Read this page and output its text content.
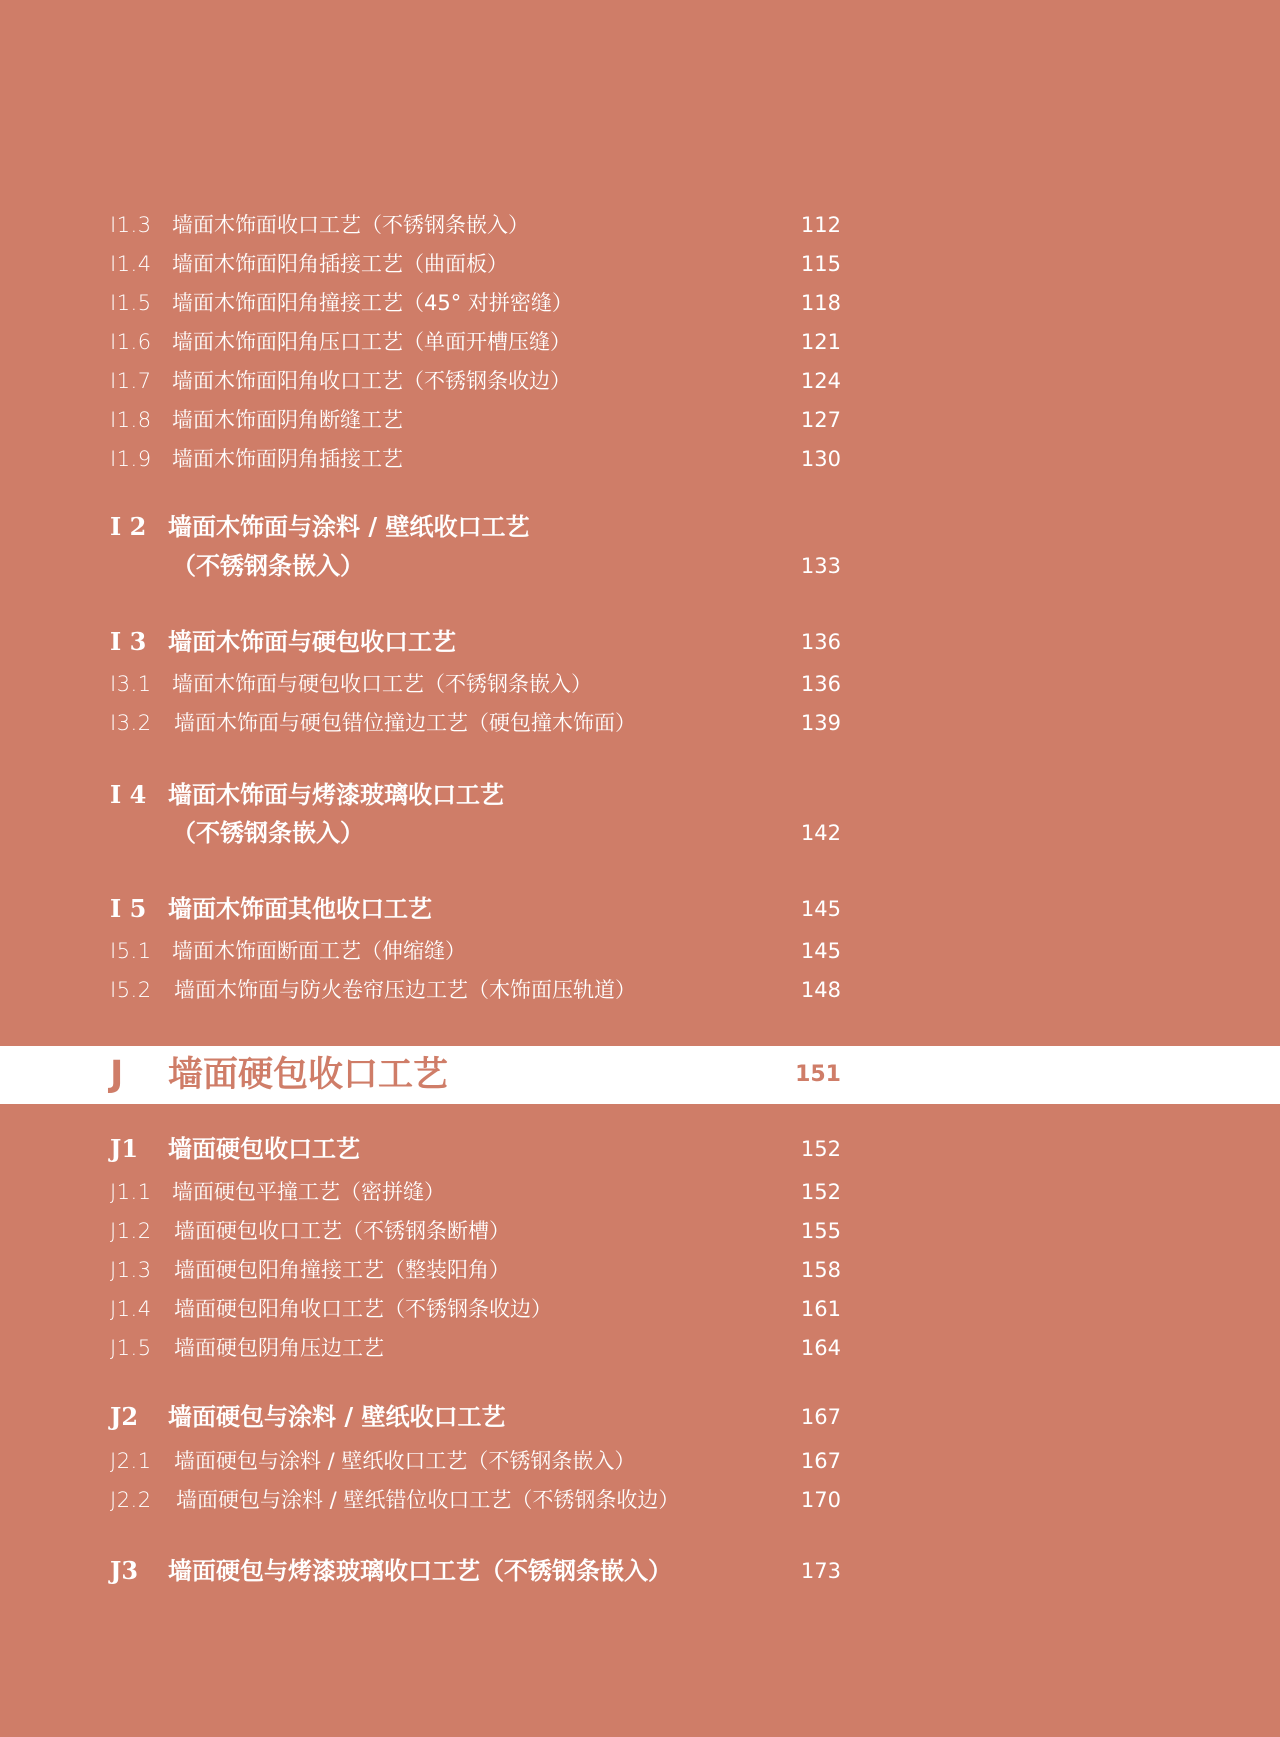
I1.3 墙面木饰面收口工艺（不锈钢条嵌入）	112
I1.4 墙面木饰面阳角插接工艺（曲面板）	115
I1.5 墙面木饰面阳角撞接工艺（45° 对拼密缝）	118
I1.6 墙面木饰面阳角压口工艺（单面开槽压缝）	121
I1.7 墙面木饰面阳角收口工艺（不锈钢条收边）	124
I1.8 墙面木饰面阴角断缝工艺	127
I1.9 墙面木饰面阴角插接工艺	130
I 2 墙面木饰面与涂料 / 壁纸收口工艺
（不锈钢条嵌入）	133
I 3 墙面木饰面与硬包收口工艺	136
I3.1 墙面木饰面与硬包收口工艺（不锈钢条嵌入）	136
I3.2 墙面木饰面与硬包错位撞边工艺（硬包撞木饰面）	139
I 4 墙面木饰面与烤漆玻璃收口工艺
（不锈钢条嵌入）	142
I 5 墙面木饰面其他收口工艺	145
I5.1 墙面木饰面断面工艺（伸缩缝）	145
I5.2 墙面木饰面与防火卷帘压边工艺（木饰面压轨道）	148
J 墙面硬包收口工艺	151
J1 墙面硬包收口工艺	152
J1.1 墙面硬包平撞工艺（密拼缝）	152
J1.2 墙面硬包收口工艺（不锈钢条断槽）	155
J1.3 墙面硬包阳角撞接工艺（整装阳角）	158
J1.4 墙面硬包阳角收口工艺（不锈钢条收边）	161
J1.5 墙面硬包阴角压边工艺	164
J2 墙面硬包与涂料 / 壁纸收口工艺	167
J2.1 墙面硬包与涂料 / 壁纸收口工艺（不锈钢条嵌入）	167
J2.2 墙面硬包与涂料 / 壁纸错位收口工艺（不锈钢条收边）	170
J3 墙面硬包与烤漆玻璃收口工艺（不锈钢条嵌入）	173
